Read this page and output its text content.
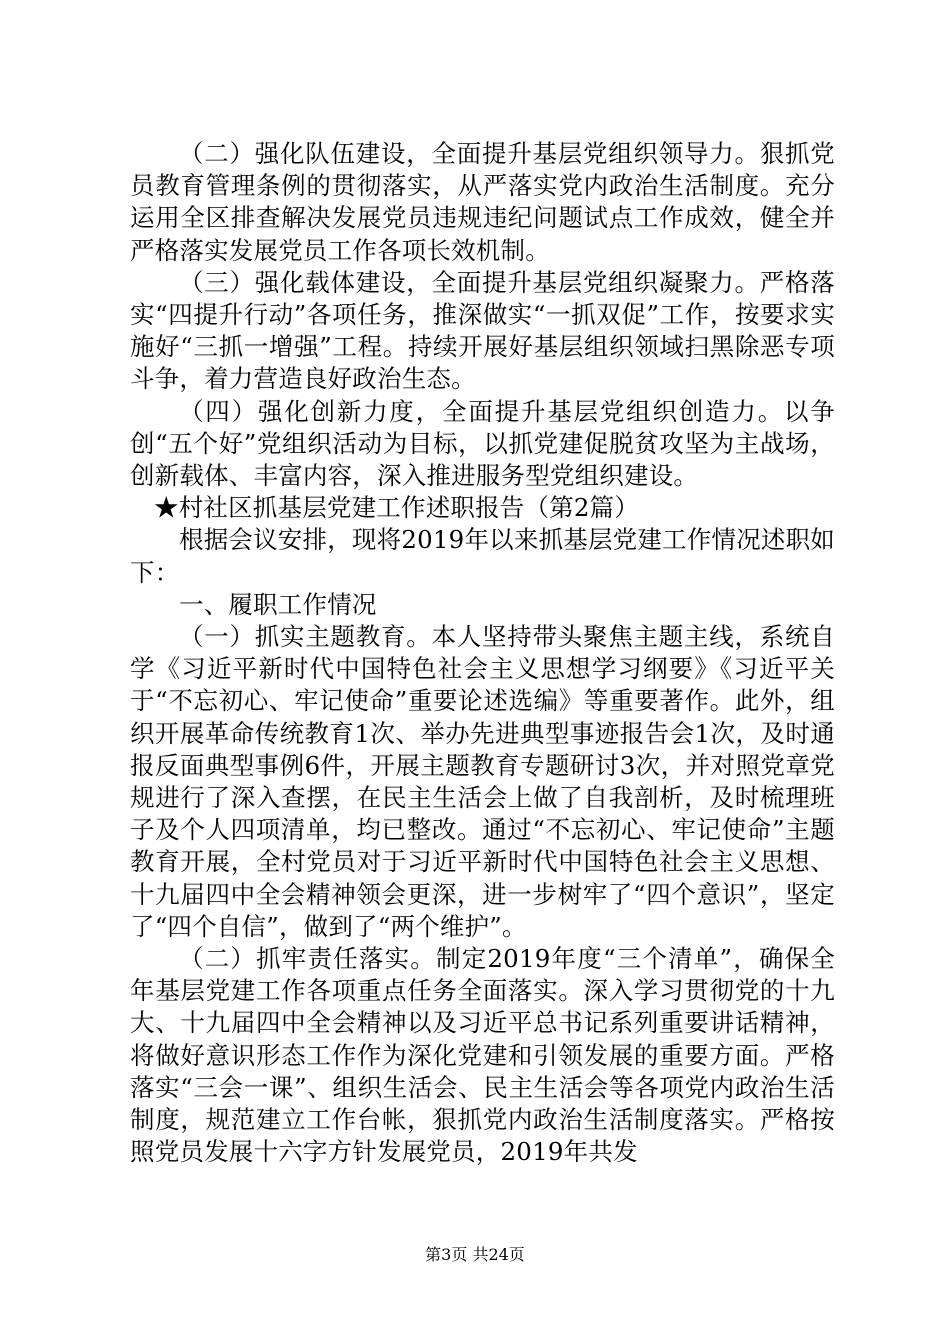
（二）强化队伍建设，全面提升基层党组织领导力。狠抓党员教育管理条例的贯彻落实，从严落实党内政治生活制度。充分运用全区排查解决发展党员违规违纪问题试点工作成效，健全并严格落实发展党员工作各项长效机制。

（三）强化载体建设，全面提升基层党组织凝聚力。严格落实“四提升行动”各项任务，推深做实“一抓双促”工作，按要求实施好“三抓一增强”工程。持续开展好基层组织领域扫黑除恶专项斗争，着力营造良好政治生态。

（四）强化创新力度，全面提升基层党组织创造力。以争创“五个好”党组织活动为目标，以抓党建促脱贫攻坚为主战场，创新载体、丰富内容，深入推进服务型党组织建设。

★村社区抓基层党建工作述职报告（第2篇）

根据会议安排，现将2019年以来抓基层党建工作情况述职如下：

一、履职工作情况

（一）抓实主题教育。本人坚持带头聚焦主题主线，系统自学《习近平新时代中国特色社会主义思想学习纲要》《习近平关于“不忘初心、牢记使命”重要论述选编》等重要著作。此外，组织开展革命传统教育1次、举办先进典型事迹报告会1次，及时通报反面典型事例6件，开展主题教育专题研讨3次，并对照党章党规进行了深入查摆，在民主生活会上做了自我剖析，及时梳理班子及个人四项清单，均已整改。通过“不忘初心、牢记使命”主题教育开展，全村党员对于习近平新时代中国特色社会主义思想、十九届四中全会精神领会更深，进一步树牢了“四个意识”，坚定了“四个自信”，做到了“两个维护”。

（二）抓牢责任落实。制定2019年度“三个清单”，确保全年基层党建工作各项重点任务全面落实。深入学习贯彻党的十九大、十九届四中全会精神以及习近平总书记系列重要讲话精神，将做好意识形态工作作为深化党建和引领发展的重要方面。严格落实“三会一课”、组织生活会、民主生活会等各项党内政治生活制度，规范建立工作台帐，狠抓党内政治生活制度落实。严格按照党员发展十六字方针发展党员，2019年共发

第3页 共24页
